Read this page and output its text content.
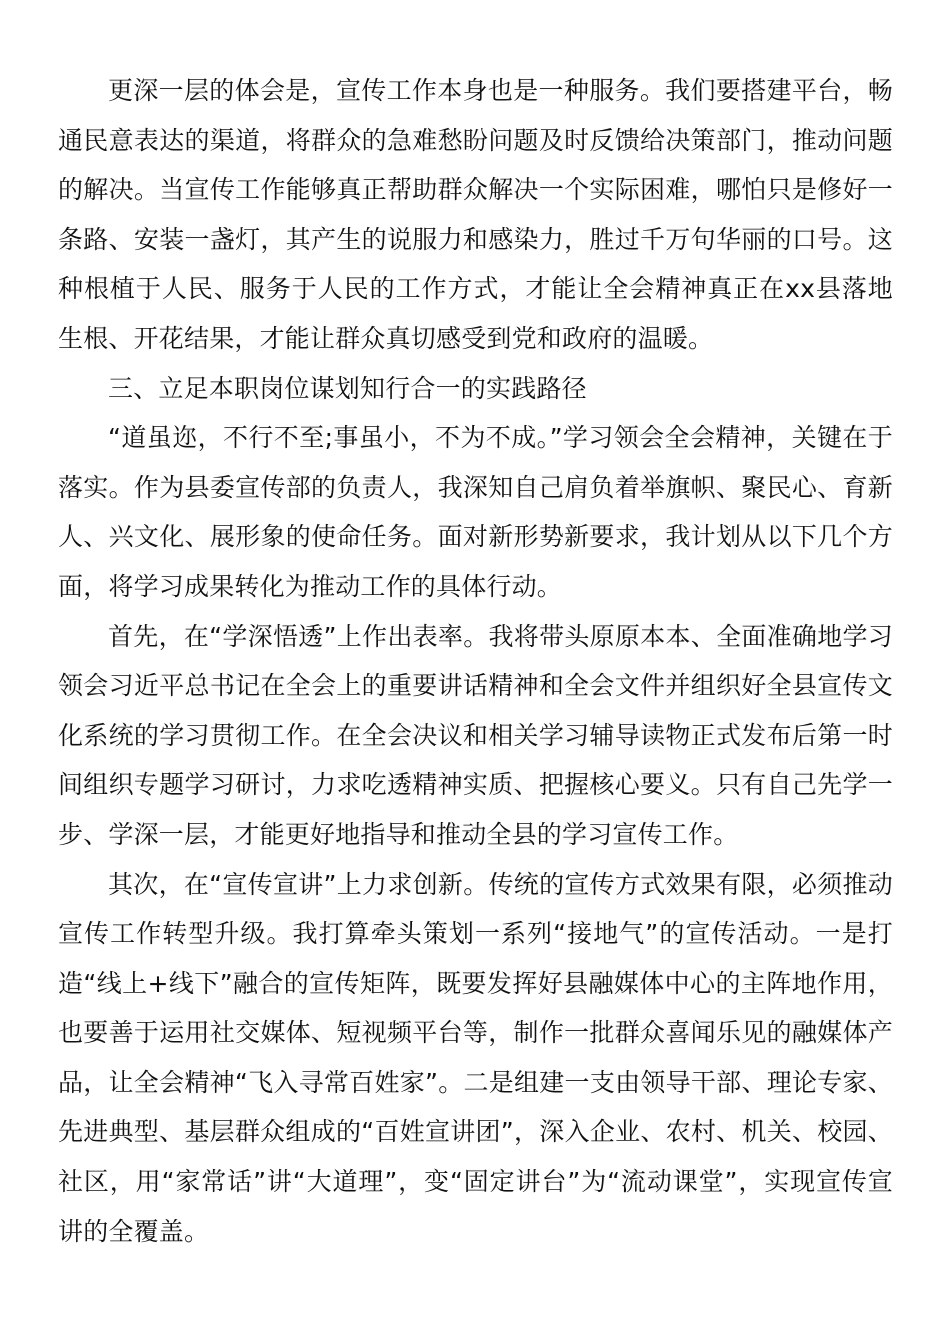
更深一层的体会是，宣传工作本身也是一种服务。我们要搭建平台，畅通民意表达的渠道，将群众的急难愁盼问题及时反馈给决策部门，推动问题的解决。当宣传工作能够真正帮助群众解决一个实际困难，哪怕只是修好一条路、安装一盏灯，其产生的说服力和感染力，胜过千万句华丽的口号。这种根植于人民、服务于人民的工作方式，才能让全会精神真正在xx县落地生根、开花结果，才能让群众真切感受到党和政府的温暖。

三、立足本职岗位谋划知行合一的实践路径

“道虽迩，不行不至;事虽小，不为不成。”学习领会全会精神，关键在于落实。作为县委宣传部的负责人，我深知自己肩负着举旗帜、聚民心、育新人、兴文化、展形象的使命任务。面对新形势新要求，我计划从以下几个方面，将学习成果转化为推动工作的具体行动。

首先，在“学深悟透”上作出表率。我将带头原原本本、全面准确地学习领会习近平总书记在全会上的重要讲话精神和全会文件并组织好全县宣传文化系统的学习贯彻工作。在全会决议和相关学习辅导读物正式发布后第一时间组织专题学习研讨，力求吃透精神实质、把握核心要义。只有自己先学一步、学深一层，才能更好地指导和推动全县的学习宣传工作。

其次，在“宣传宣讲”上力求创新。传统的宣传方式效果有限，必须推动宣传工作转型升级。我打算牵头策划一系列“接地气”的宣传活动。一是打造“线上+线下”融合的宣传矩阵，既要发挥好县融媒体中心的主阵地作用，也要善于运用社交媒体、短视频平台等，制作一批群众喜闻乐见的融媒体产品，让全会精神“飞入寻常百姓家”。二是组建一支由领导干部、理论专家、先进典型、基层群众组成的“百姓宣讲团”，深入企业、农村、机关、校园、社区，用“家常话”讲“大道理”，变“固定讲台”为“流动课堂”，实现宣传宣讲的全覆盖。
